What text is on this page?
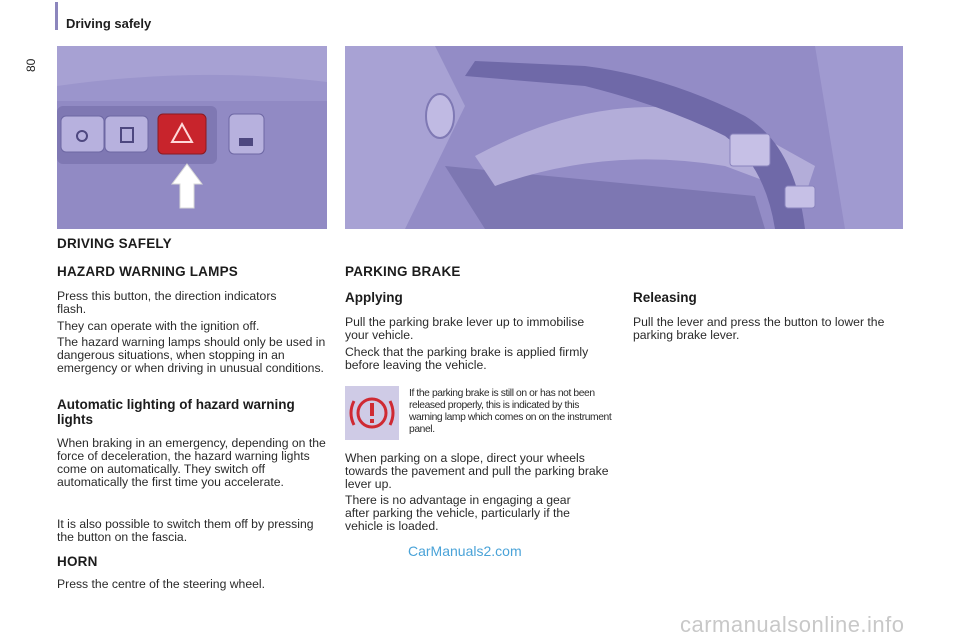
Driving safely
80
DRIVING SAFELY
HAZARD WARNING LAMPS

Press this button, the direction indicators flash.

They can operate with the ignition off.

The hazard warning lamps should only be used in dangerous situations, when stopping in an emergency or when driving in unusual conditions.

Automatic lighting of hazard warning lights

When braking in an emergency, depending on the force of deceleration, the hazard warning lights come on automatically. They switch off automatically the first time you accelerate.

It is also possible to switch them off by pressing the button on the fascia.

HORN

Press the centre of the steering wheel.

PARKING BRAKE
Applying

Pull the parking brake lever up to immobilise your vehicle.

Check that the parking brake is applied firmly before leaving the vehicle.

If the parking brake is still on or has not been released properly, this is indicated by this warning lamp which comes on on the instrument panel.

When parking on a slope, direct your wheels towards the pavement and pull the parking brake lever up.

There is no advantage in engaging a gear after parking the vehicle, particularly if the vehicle is loaded.

Releasing

Pull the lever and press the button to lower the parking brake lever.

CarManuals2.com
carmanualsonline.info
